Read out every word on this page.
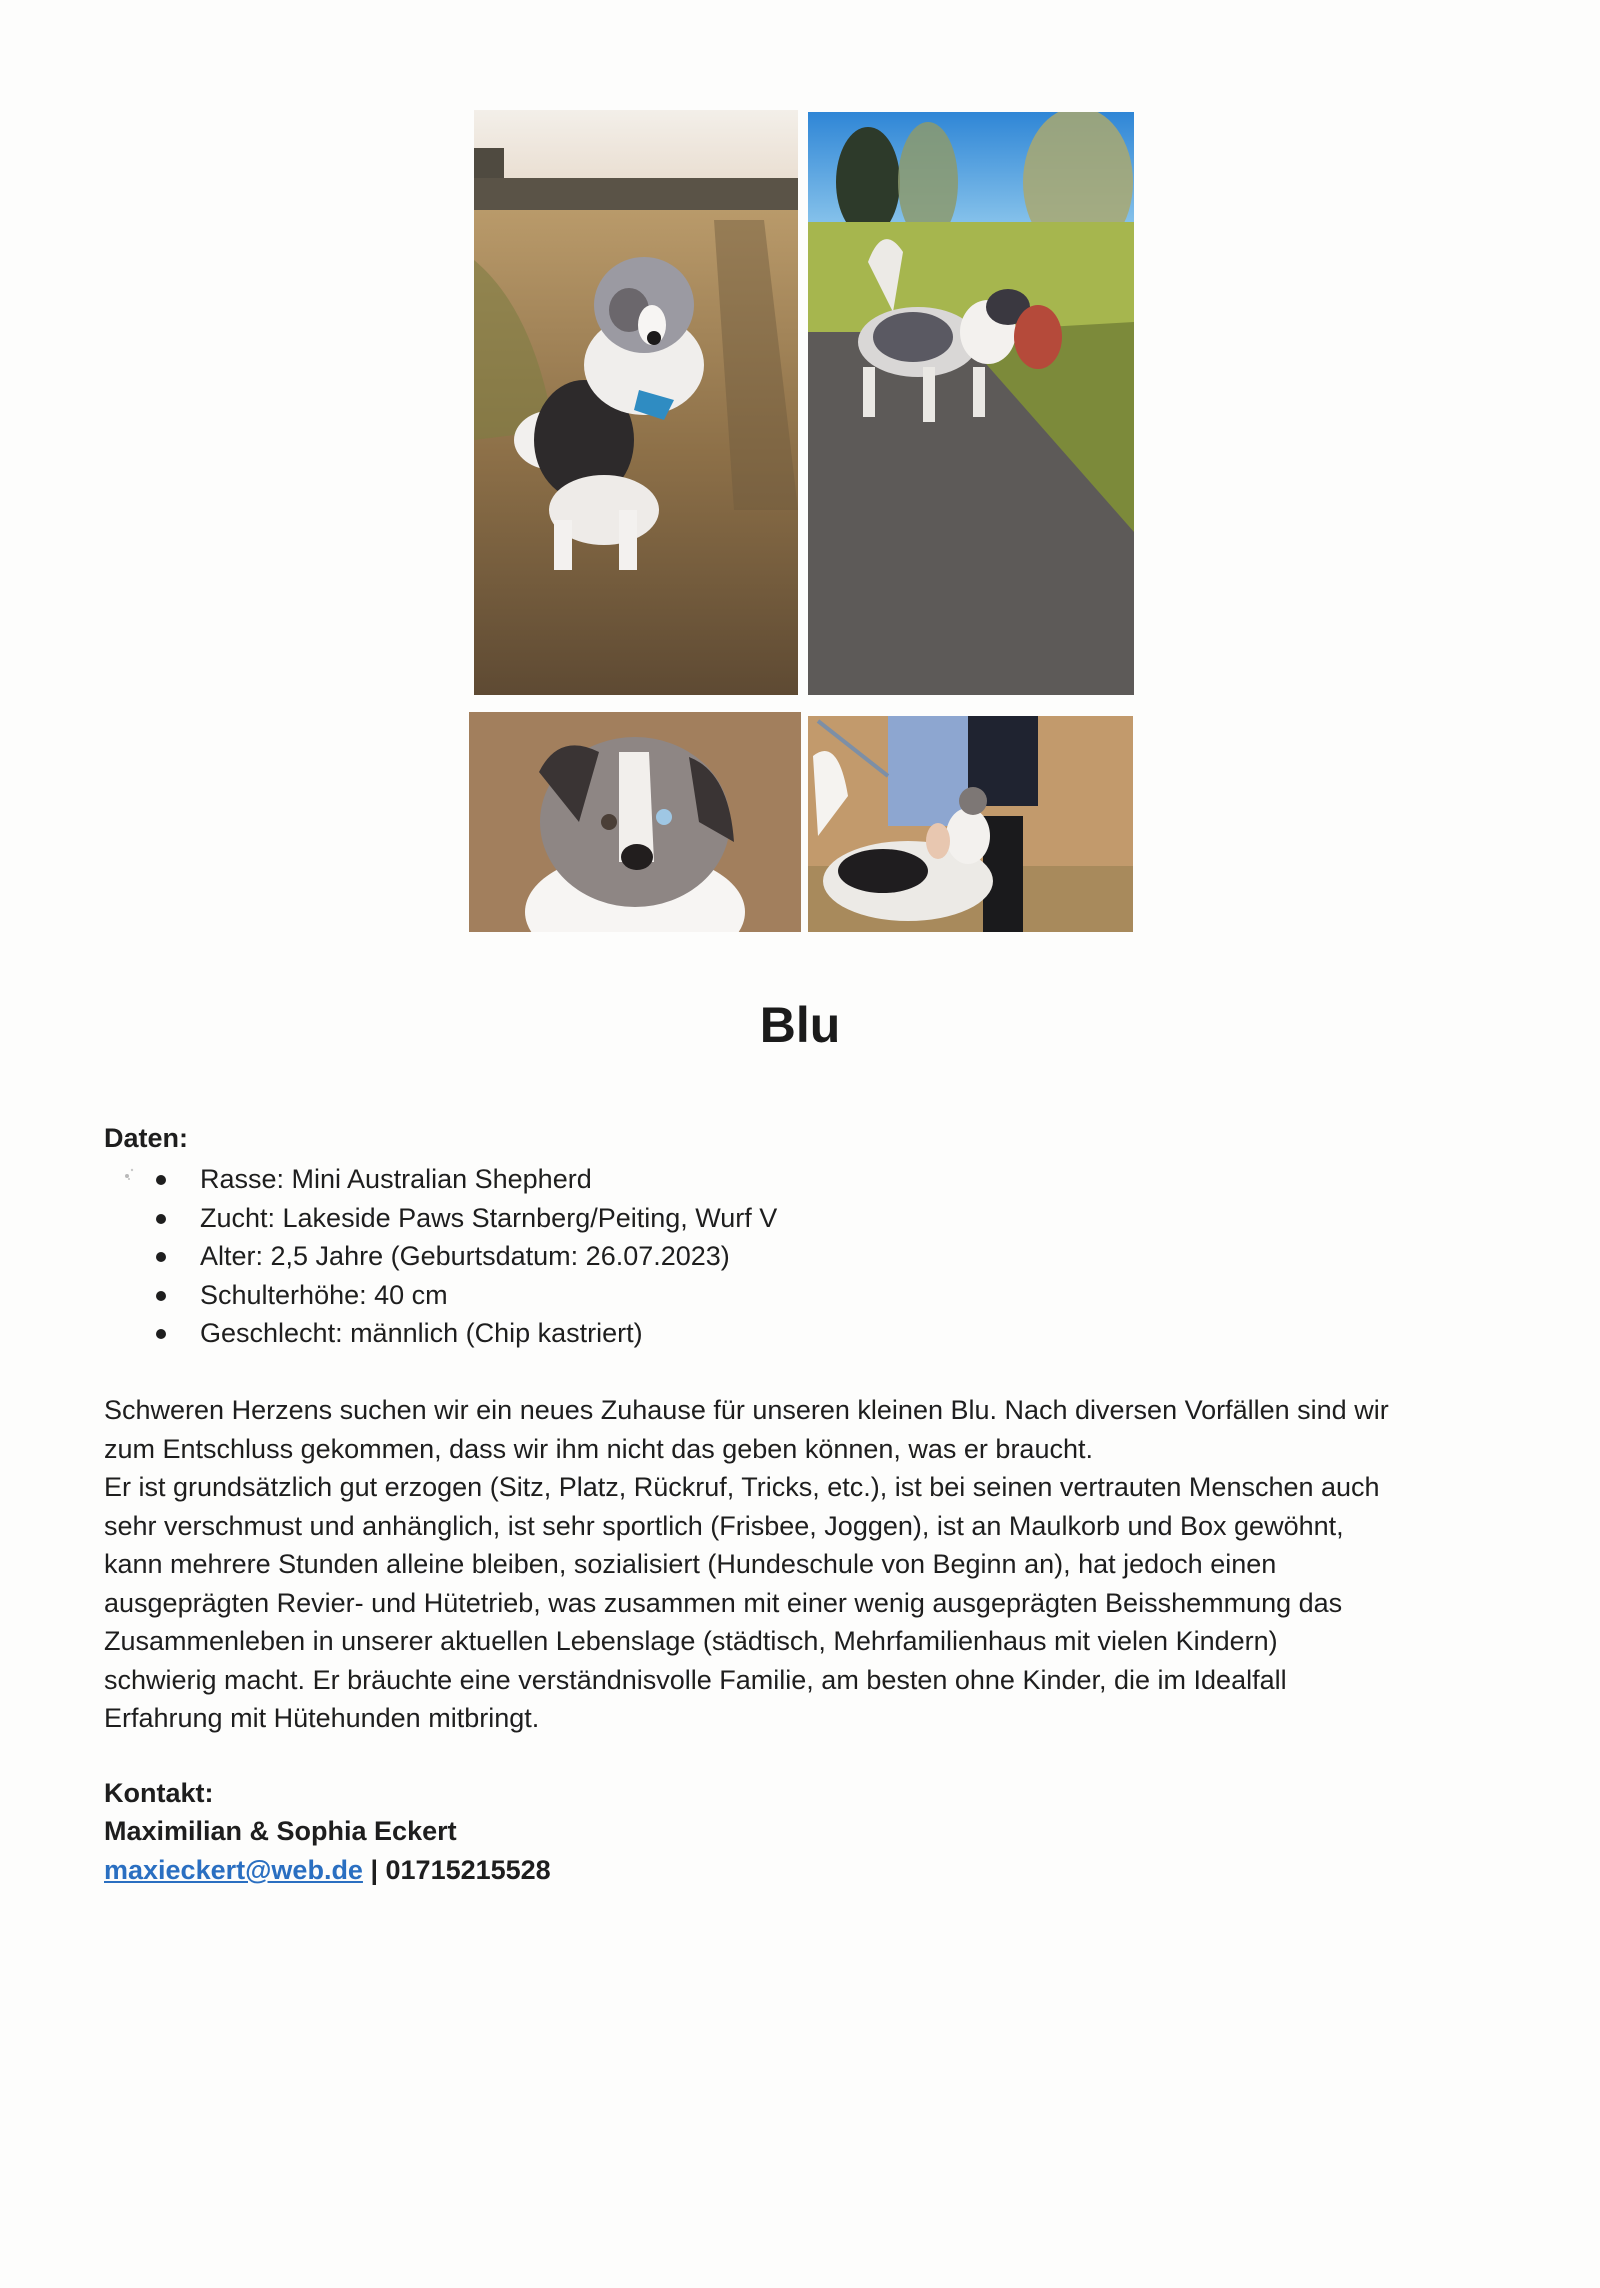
Blu
Daten:
Rasse: Mini Australian Shepherd
Zucht: Lakeside Paws Starnberg/Peiting, Wurf V
Alter: 2,5 Jahre (Geburtsdatum: 26.07.2023)
Schulterhöhe: 40 cm
Geschlecht: männlich (Chip kastriert)

Schweren Herzens suchen wir ein neues Zuhause für unseren kleinen Blu. Nach diversen Vorfällen sind wir
zum Entschluss gekommen, dass wir ihm nicht das geben können, was er braucht.
Er ist grundsätzlich gut erzogen (Sitz, Platz, Rückruf, Tricks, etc.), ist bei seinen vertrauten Menschen auch
sehr verschmust und anhänglich, ist sehr sportlich (Frisbee, Joggen), ist an Maulkorb und Box gewöhnt,
kann mehrere Stunden alleine bleiben, sozialisiert (Hundeschule von Beginn an), hat jedoch einen
ausgeprägten Revier- und Hütetrieb, was zusammen mit einer wenig ausgeprägten Beisshemmung das
Zusammenleben in unserer aktuellen Lebenslage (städtisch, Mehrfamilienhaus mit vielen Kindern)
schwierig macht. Er bräuchte eine verständnisvolle Familie, am besten ohne Kinder, die im Idealfall
Erfahrung mit Hütehunden mitbringt.

Kontakt:

Maximilian & Sophia Eckert

maxieckert@web.de | 01715215528
